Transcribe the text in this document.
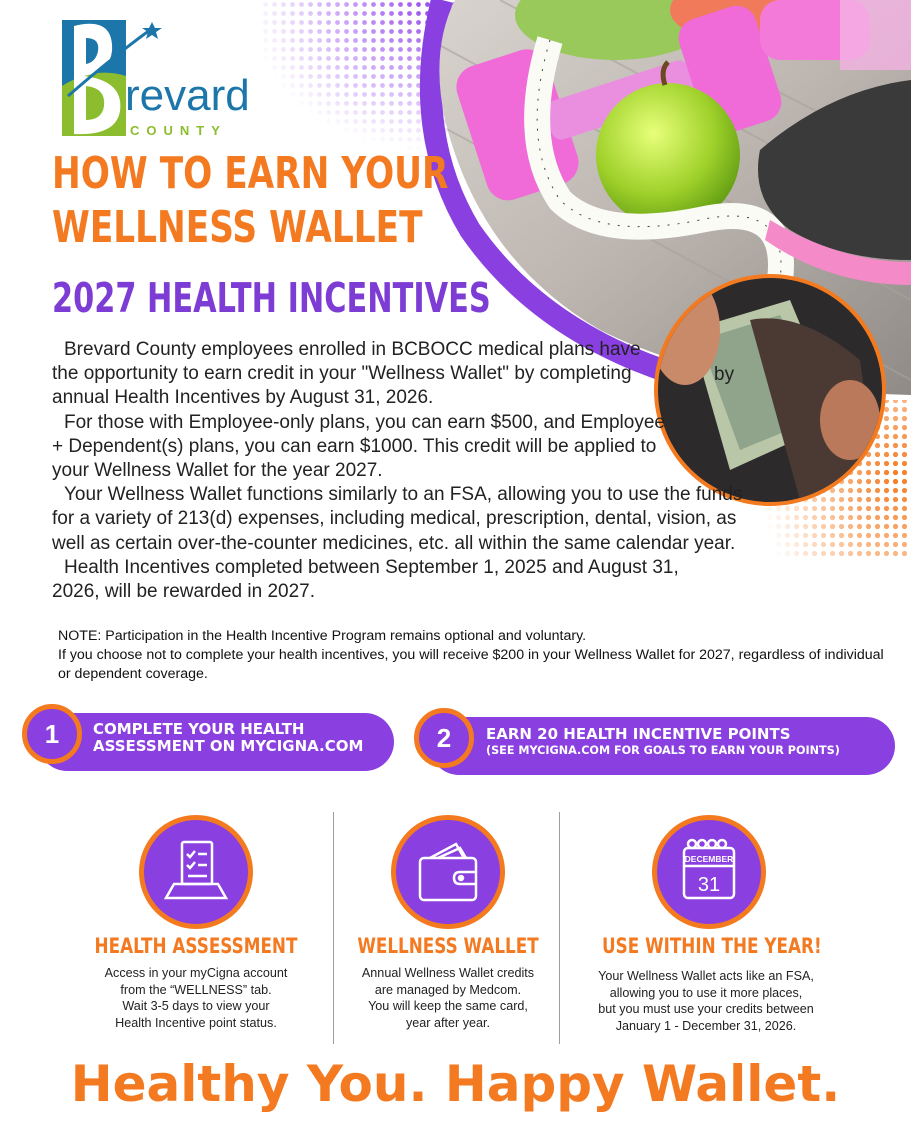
revard
COUNTY
HOW TO EARN YOUR
WELLNESS WALLET
2027 HEALTH INCENTIVES

Brevard County employees enrolled in BCBOCC medical plans have the opportunity to earn credit in your "Wellness Wallet" by completing annual Health Incentives by August 31, 2026.

For those with Employee-only plans, you can earn $500, and Employee + Dependent(s) plans, you can earn $1000. This credit will be applied to your Wellness Wallet for the year 2027.

Your Wellness Wallet functions similarly to an FSA, allowing you to use the funds for a variety of 213(d) expenses, including medical, prescription, dental, vision, as well as certain over-the-counter medicines, etc. all within the same calendar year.

Health Incentives completed between September 1, 2025 and August 31, 2026, will be rewarded in 2027.

by

NOTE: Participation in the Health Incentive Program remains optional and voluntary.

If you choose not to complete your health incentives, you will receive $200 in your Wellness Wallet for 2027, regardless of individual or dependent coverage.

1	COMPLETE YOUR HEALTH
ASSESSMENT ON MYCIGNA.COM	2	EARN 20 HEALTH INCENTIVE POINTS
(SEE MYCIGNA.COM FOR GOALS TO EARN YOUR POINTS)
HEALTH ASSESSMENT

Access in your myCigna account

from the “WELLNESS” tab.

Wait 3-5 days to view your

Health Incentive point status.

WELLNESS WALLET

Annual Wellness Wallet credits

are managed by Medcom.

You will keep the same card,

year after year.

DECEMBER
31
USE WITHIN THE YEAR!

Your Wellness Wallet acts like an FSA,

allowing you to use it more places,

but you must use your credits between

January 1 - December 31, 2026.

Healthy You. Happy Wallet.
